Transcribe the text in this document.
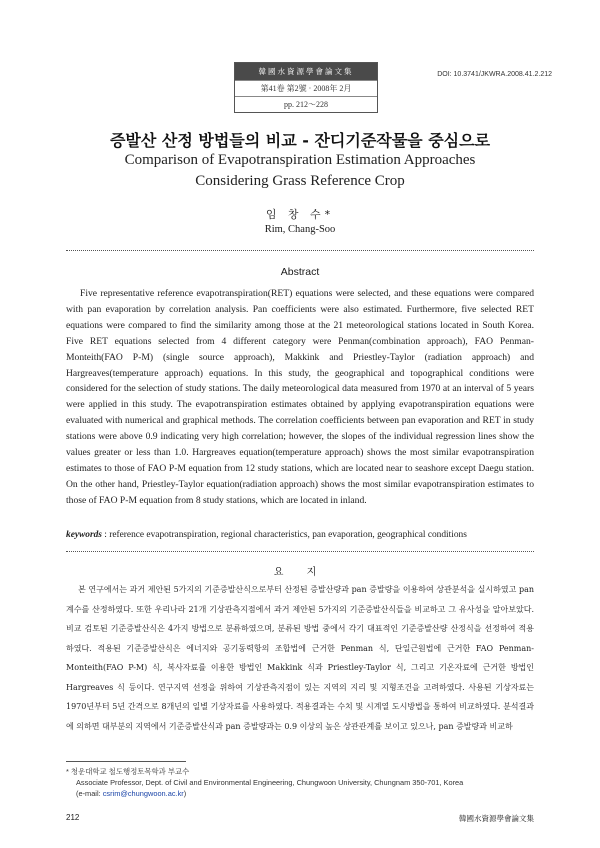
韓國水資源學會論文集
第41卷 第2號 · 2008年 2月
pp. 212～228
DOI: 10.3741/JKWRA.2008.41.2.212
증발산 산정 방법들의 비교 - 잔디기준작물을 중심으로
Comparison of Evapotranspiration Estimation Approaches
Considering Grass Reference Crop
임 창 수*
Rim, Chang-Soo
Abstract

Five representative reference evapotranspiration(RET) equations were selected, and these equations were compared with pan evaporation by correlation analysis. Pan coefficients were also estimated. Furthermore, five selected RET equations were compared to find the similarity among those at the 21 meteorological stations located in South Korea. Five RET equations selected from 4 different category were Penman(combination approach), FAO Penman-Monteith(FAO P-M) (single source approach), Makkink and Priestley-Taylor (radiation approach) and Hargreaves(temperature approach) equations. In this study, the geographical and topographical conditions were considered for the selection of study stations. The daily meteorological data measured from 1970 at an interval of 5 years were applied in this study. The evapotranspiration estimates obtained by applying evapotranspiration equations were evaluated with numerical and graphical methods. The correlation coefficients between pan evaporation and RET in study stations were above 0.9 indicating very high correlation; however, the slopes of the individual regression lines show the values greater or less than 1.0. Hargreaves equation(temperature approach) shows the most similar evapotranspiration estimates to those of FAO P-M equation from 12 study stations, which are located near to seashore except Daegu station. On the other hand, Priestley-Taylor equation(radiation approach) shows the most similar evapotranspiration estimates to those of FAO P-M equation from 8 study stations, which are located in inland.

keywords : reference evapotranspiration, regional characteristics, pan evaporation, geographical conditions
요 지

본 연구에서는 과거 제안된 5가지의 기준증발산식으로부터 산정된 증발산량과 pan 증발량을 이용하여 상관분석을 실시하였고 pan 계수를 산정하였다. 또한 우리나라 21개 기상관측지점에서 과거 제안된 5가지의 기준증발산식들을 비교하고 그 유사성을 알아보았다. 비교 검토된 기준증발산식은 4가지 방법으로 분류하였으며, 분류된 방법 중에서 각기 대표적인 기준증발산량 산정식을 선정하여 적용하였다. 적용된 기준증발산식은 에너지와 공기동력항의 조합법에 근거한 Penman 식, 단일근원법에 근거한 FAO Penman-Monteith(FAO P-M) 식, 복사자료를 이용한 방법인 Makkink 식과 Priestley-Taylor 식, 그리고 기온자료에 근거한 방법인 Hargreaves 식 등이다. 연구지역 선정을 위하여 기상관측지점이 있는 지역의 지리 및 지형조건을 고려하였다. 사용된 기상자료는 1970년부터 5년 간격으로 8개년의 일별 기상자료를 사용하였다. 적용결과는 수치 및 시계열 도시방법을 통하여 비교하였다. 분석결과에 의하면 대부분의 지역에서 기준증발산식과 pan 증발량과는 0.9 이상의 높은 상관관계를 보이고 있으나, pan 증발량과 비교하

* 청운대학교 철도행정토목학과 부교수
Associate Professor, Dept. of Civil and Environmental Engineering, Chungwoon University, Chungnam 350-701, Korea
(e-mail: csrim@chungwoon.ac.kr)
212	韓國水資源學會論文集
